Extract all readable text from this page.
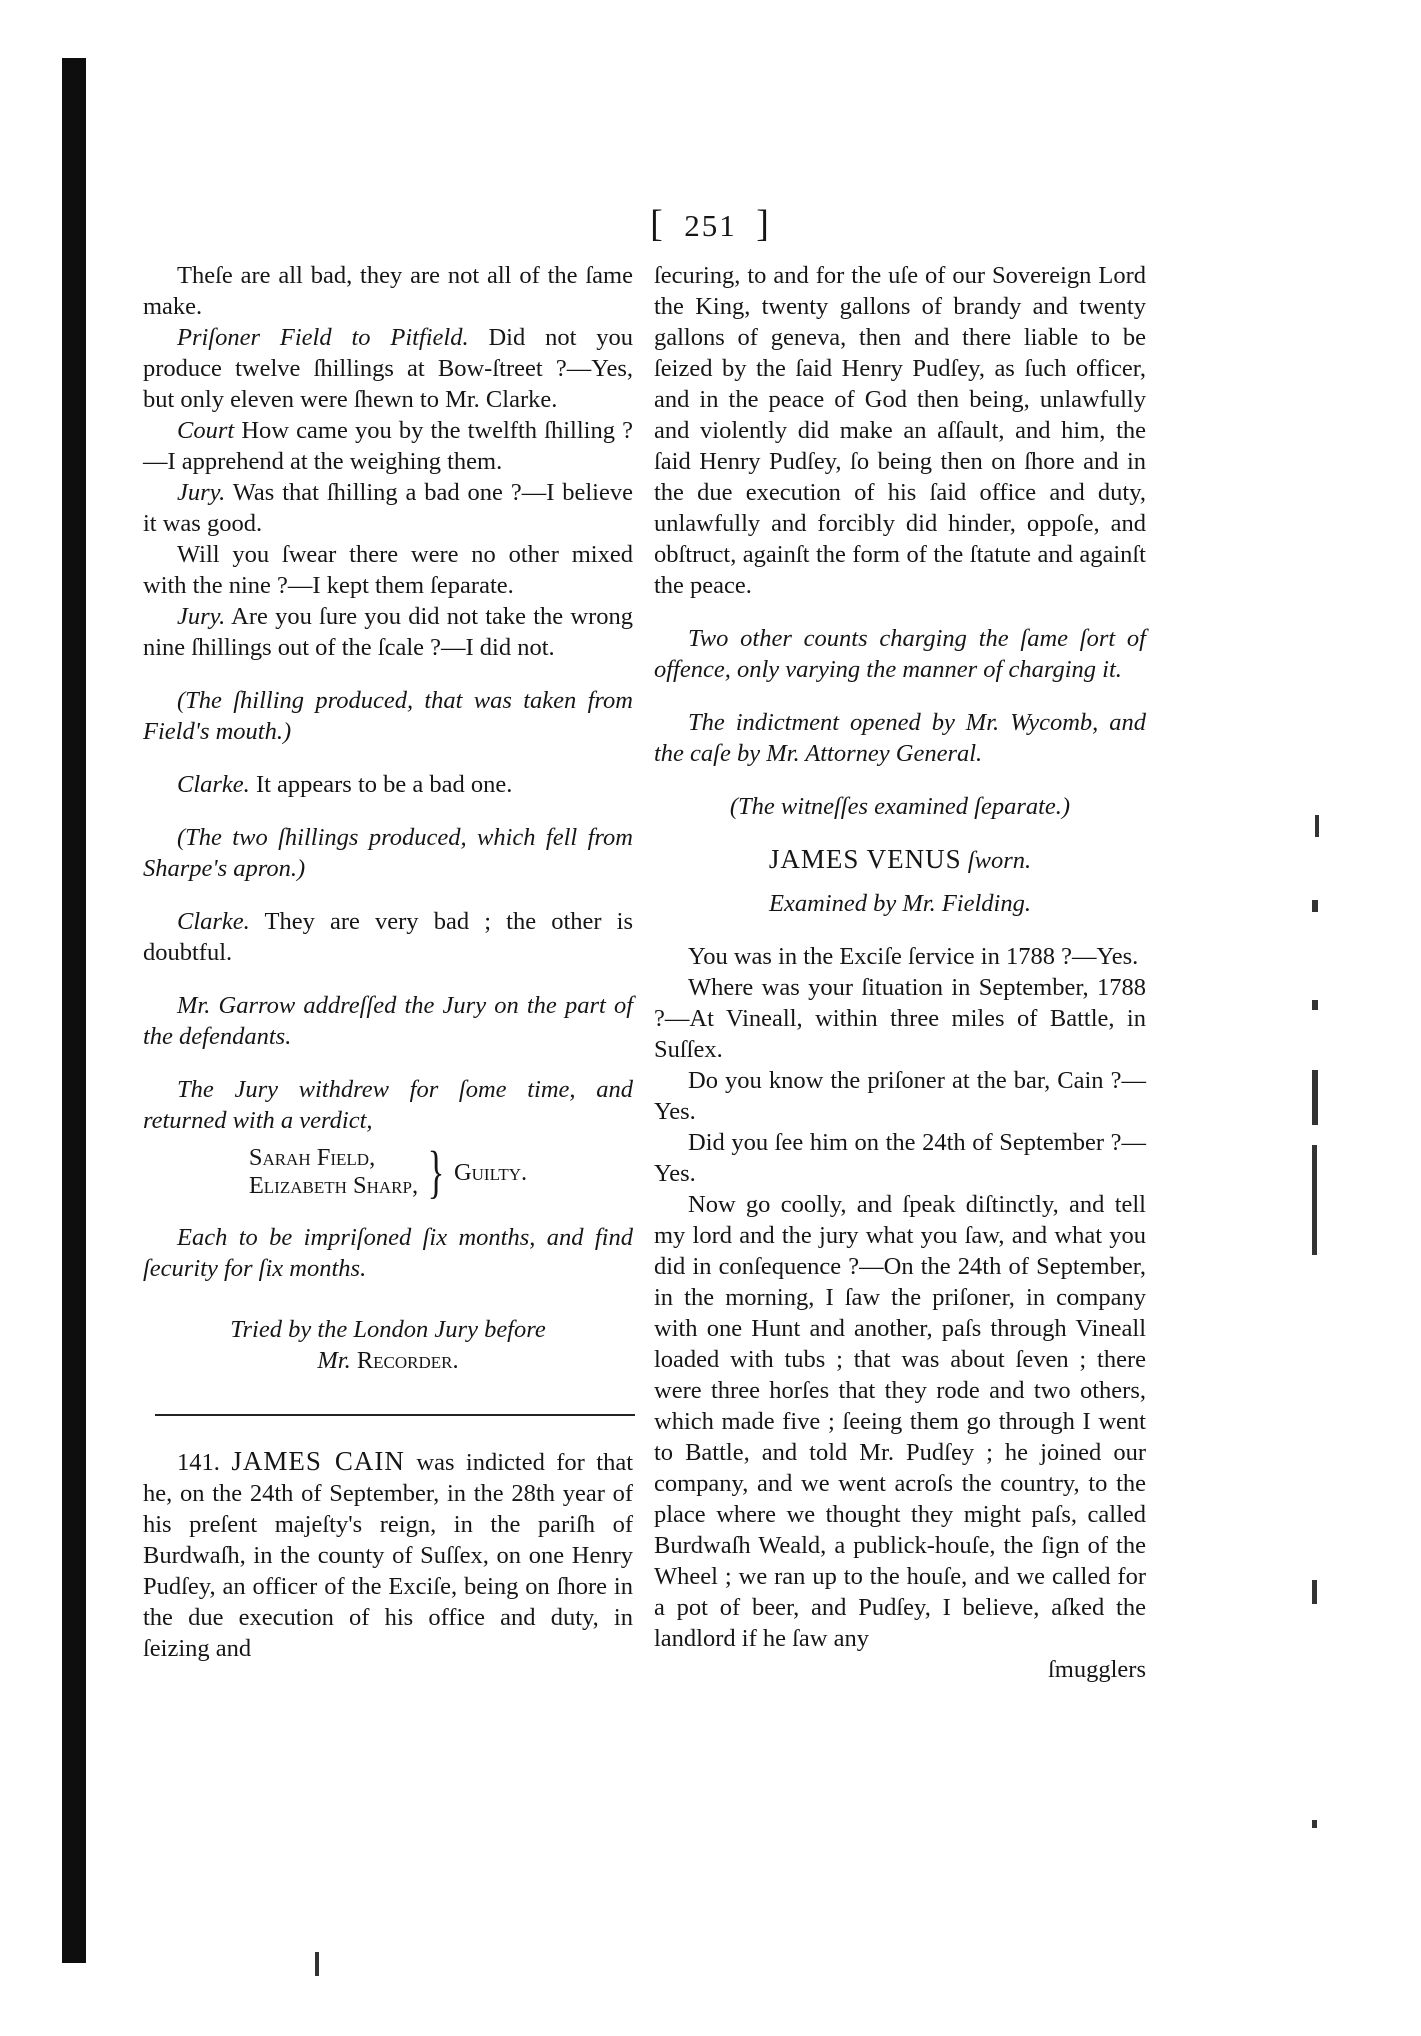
[ 251 ]

Theſe are all bad, they are not all of the ſame make.

Priſoner Field to Pitfield. Did not you produce twelve ſhillings at Bow-ſtreet ?—Yes, but only eleven were ſhewn to Mr. Clarke.

Court How came you by the twelfth ſhilling ?—I apprehend at the weighing them.

Jury. Was that ſhilling a bad one ?—I believe it was good.

Will you ſwear there were no other mixed with the nine ?—I kept them ſeparate.

Jury. Are you ſure you did not take the wrong nine ſhillings out of the ſcale ?—I did not.

(The ſhilling produced, that was taken from Field's mouth.)

Clarke. It appears to be a bad one.

(The two ſhillings produced, which fell from Sharpe's apron.)

Clarke. They are very bad ; the other is doubtful.

Mr. Garrow addreſſed the Jury on the part of the defendants.

The Jury withdrew for ſome time, and returned with a verdict,

Sarah Field,
Elizabeth Sharp, } Guilty.

Each to be impriſoned ſix months, and find ſecurity for ſix months.

Tried by the London Jury before
Mr. Recorder.

141. JAMES CAIN was indicted for that he, on the 24th of September, in the 28th year of his preſent majeſty's reign, in the pariſh of Burdwaſh, in the county of Suſſex, on one Henry Pudſey, an officer of the Exciſe, being on ſhore in the due execution of his office and duty, in ſeizing and

ſecuring, to and for the uſe of our Sovereign Lord the King, twenty gallons of brandy and twenty gallons of geneva, then and there liable to be ſeized by the ſaid Henry Pudſey, as ſuch officer, and in the peace of God then being, unlawfully and violently did make an aſſault, and him, the ſaid Henry Pudſey, ſo being then on ſhore and in the due execution of his ſaid office and duty, unlawfully and forcibly did hinder, oppoſe, and obſtruct, againſt the form of the ſtatute and againſt the peace.

Two other counts charging the ſame ſort of offence, only varying the manner of charging it.

The indictment opened by Mr. Wycomb, and the caſe by Mr. Attorney General.

(The witneſſes examined ſeparate.)

JAMES VENUS ſworn.

Examined by Mr. Fielding.

You was in the Exciſe ſervice in 1788 ?—Yes.

Where was your ſituation in September, 1788 ?—At Vineall, within three miles of Battle, in Suſſex.

Do you know the priſoner at the bar, Cain ?—Yes.

Did you ſee him on the 24th of September ?—Yes.

Now go coolly, and ſpeak diſtinctly, and tell my lord and the jury what you ſaw, and what you did in conſequence ?—On the 24th of September, in the morning, I ſaw the priſoner, in company with one Hunt and another, paſs through Vineall loaded with tubs ; that was about ſeven ; there were three horſes that they rode and two others, which made five ; ſeeing them go through I went to Battle, and told Mr. Pudſey ; he joined our company, and we went acroſs the country, to the place where we thought they might paſs, called Burdwaſh Weald, a publick-houſe, the ſign of the Wheel ; we ran up to the houſe, and we called for a pot of beer, and Pudſey, I believe, aſked the landlord if he ſaw any

ſmugglers
